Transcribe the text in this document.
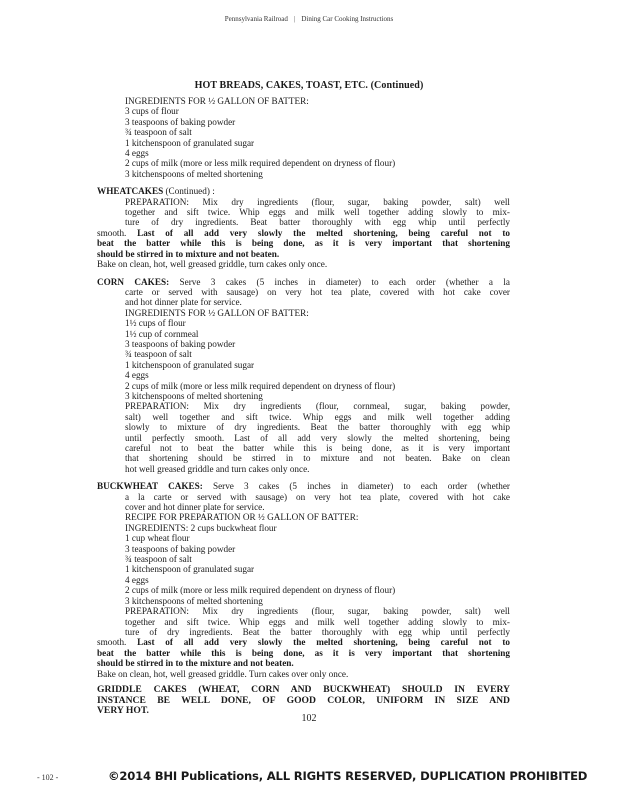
Pennsylvania Railroad | Dining Car Cooking Instructions
HOT BREADS, CAKES, TOAST, ETC. (Continued)

INGREDIENTS FOR ½ GALLON OF BATTER:

3 cups of flour

3 teaspoons of baking powder

¾ teaspoon of salt

1 kitchenspoon of granulated sugar

4 eggs

2 cups of milk (more or less milk required dependent on dryness of flour)

3 kitchenspoons of melted shortening

WHEATCAKES (Continued) :

PREPARATION: Mix dry ingredients (flour, sugar, baking powder, salt) well
together and sift twice. Whip eggs and milk well together adding slowly to mix-
ture of dry ingredients. Beat batter thoroughly with egg whip until perfectly
smooth. Last of all add very slowly the melted shortening, being careful not to
beat the batter while this is being done, as it is very important that shortening

should be stirred in to mixture and not beaten.

Bake on clean, hot, well greased griddle, turn cakes only once.

CORN CAKES: Serve 3 cakes (5 inches in diameter) to each order (whether a la
carte or served with sausage) on very hot tea plate, covered with hot cake cover

and hot dinner plate for service.

INGREDIENTS FOR ½ GALLON OF BATTER:

1½ cups of flour

1½ cup of cornmeal

3 teaspoons of baking powder

¾ teaspoon of salt

1 kitchenspoon of granulated sugar

4 eggs

2 cups of milk (more or less milk required dependent on dryness of flour)

3 kitchenspoons of melted shortening

PREPARATION: Mix dry ingredients (flour, cornmeal, sugar, baking powder,
salt) well together and sift twice. Whip eggs and milk well together adding
slowly to mixture of dry ingredients. Beat the batter thoroughly with egg whip
until perfectly smooth. Last of all add very slowly the melted shortening, being
careful not to beat the batter while this is being done, as it is very important
that shortening should be stirred in to mixture and not beaten. Bake on clean

hot well greased griddle and turn cakes only once.

BUCKWHEAT CAKES: Serve 3 cakes (5 inches in diameter) to each order (whether
a la carte or served with sausage) on very hot tea plate, covered with hot cake

cover and hot dinner plate for service.

RECIPE FOR PREPARATION OR ½ GALLON OF BATTER:

INGREDIENTS: 2 cups buckwheat flour

1 cup wheat flour

3 teaspoons of baking powder

¾ teaspoon of salt

1 kitchenspoon of granulated sugar

4 eggs

2 cups of milk (more or less milk required dependent on dryness of flour)

3 kitchenspoons of melted shortening

PREPARATION: Mix dry ingredients (flour, sugar, baking powder, salt) well
together and sift twice. Whip eggs and milk well together adding slowly to mix-
ture of dry ingredients. Beat the batter thoroughly with egg whip until perfectly
smooth. Last of all add very slowly the melted shortening, being careful not to
beat the batter while this is being done, as it is very important that shortening

should be stirred in to the mixture and not beaten.

Bake on clean, hot, well greased griddle. Turn cakes over only once.

GRIDDLE CAKES (WHEAT, CORN AND BUCKWHEAT) SHOULD IN EVERY
INSTANCE BE WELL DONE, OF GOOD COLOR, UNIFORM IN SIZE AND

VERY HOT.

102
- 102 -	©2014 BHI Publications, ALL RIGHTS RESERVED, DUPLICATION PROHIBITED
